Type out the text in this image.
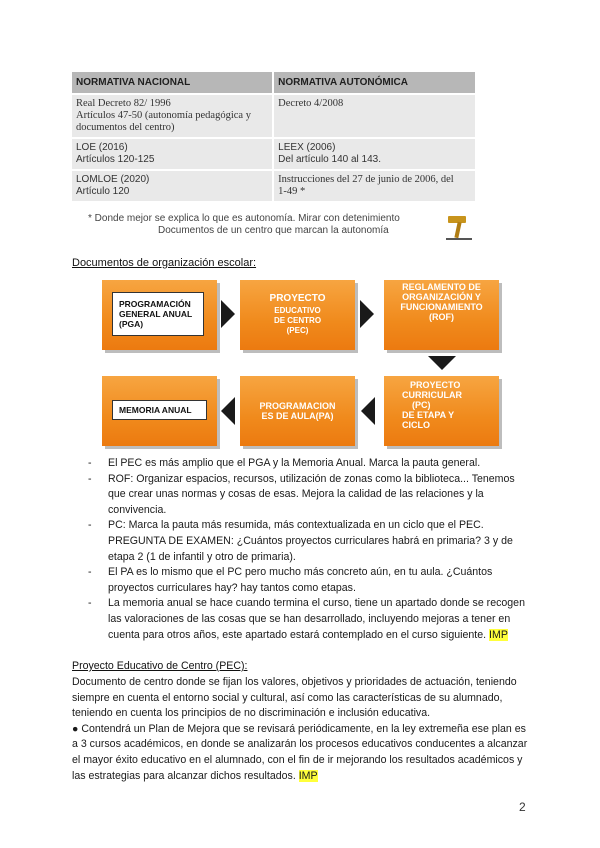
NORMATIVA NACIONAL	NORMATIVA AUTONÓMICA

Real Decreto 82/ 1996
Artículos 47-50 (autonomía pedagógica y
documentos del centro)	Decreto 4/2008

LOE (2016)
Artículos 120-125	LEEX (2006)
Del artículo 140 al 143.

LOMLOE (2020)
Artículo 120	Instrucciones del 27 de junio de 2006, del
1-49 *
* Donde mejor se explica lo que es autonomía. Mirar con detenimiento
Documentos de un centro que marcan la autonomía
Documentos de organización escolar:
PROGRAMACIÓN
GENERAL ANUAL
(PGA)
PROYECTO
EDUCATIVO
DE CENTRO
(PEC)
REGLAMENTO DE
ORGANIZACIÓN Y
FUNCIONAMIENTO
(ROF)
PROYECTO
CURRICULAR
(PC)
DE ETAPA Y
CICLO
PROGRAMACION
ES DE AULA(PA)
MEMORIA ANUAL
- El PEC es más amplio que el PGA y la Memoria Anual. Marca la pauta general.
- ROF: Organizar espacios, recursos, utilización de zonas como la biblioteca... Tenemos que crear unas normas y cosas de esas. Mejora la calidad de las relaciones y la convivencia.
- PC: Marca la pauta más resumida, más contextualizada en un ciclo que el PEC. PREGUNTA DE EXAMEN: ¿Cuántos proyectos curriculares habrá en primaria? 3 y de etapa 2 (1 de infantil y otro de primaria).
- El PA es lo mismo que el PC pero mucho más concreto aún, en tu aula. ¿Cuántos proyectos curriculares hay? hay tantos como etapas.
- La memoria anual se hace cuando termina el curso, tiene un apartado donde se recogen las valoraciones de las cosas que se han desarrollado, incluyendo mejoras a tener en cuenta para otros años, este apartado estará contemplado en el curso siguiente. IMP
Proyecto Educativo de Centro (PEC):

Documento de centro donde se fijan los valores, objetivos y prioridades de actuación, teniendo siempre en cuenta el entorno social y cultural, así como las características de su alumnado, teniendo en cuenta los principios de no discriminación e inclusión educativa.

● Contendrá un Plan de Mejora que se revisará periódicamente, en la ley extremeña ese plan es a 3 cursos académicos, en donde se analizarán los procesos educativos conducentes a alcanzar el mayor éxito educativo en el alumnado, con el fin de ir mejorando los resultados académicos y las estrategias para alcanzar dichos resultados. IMP

2
